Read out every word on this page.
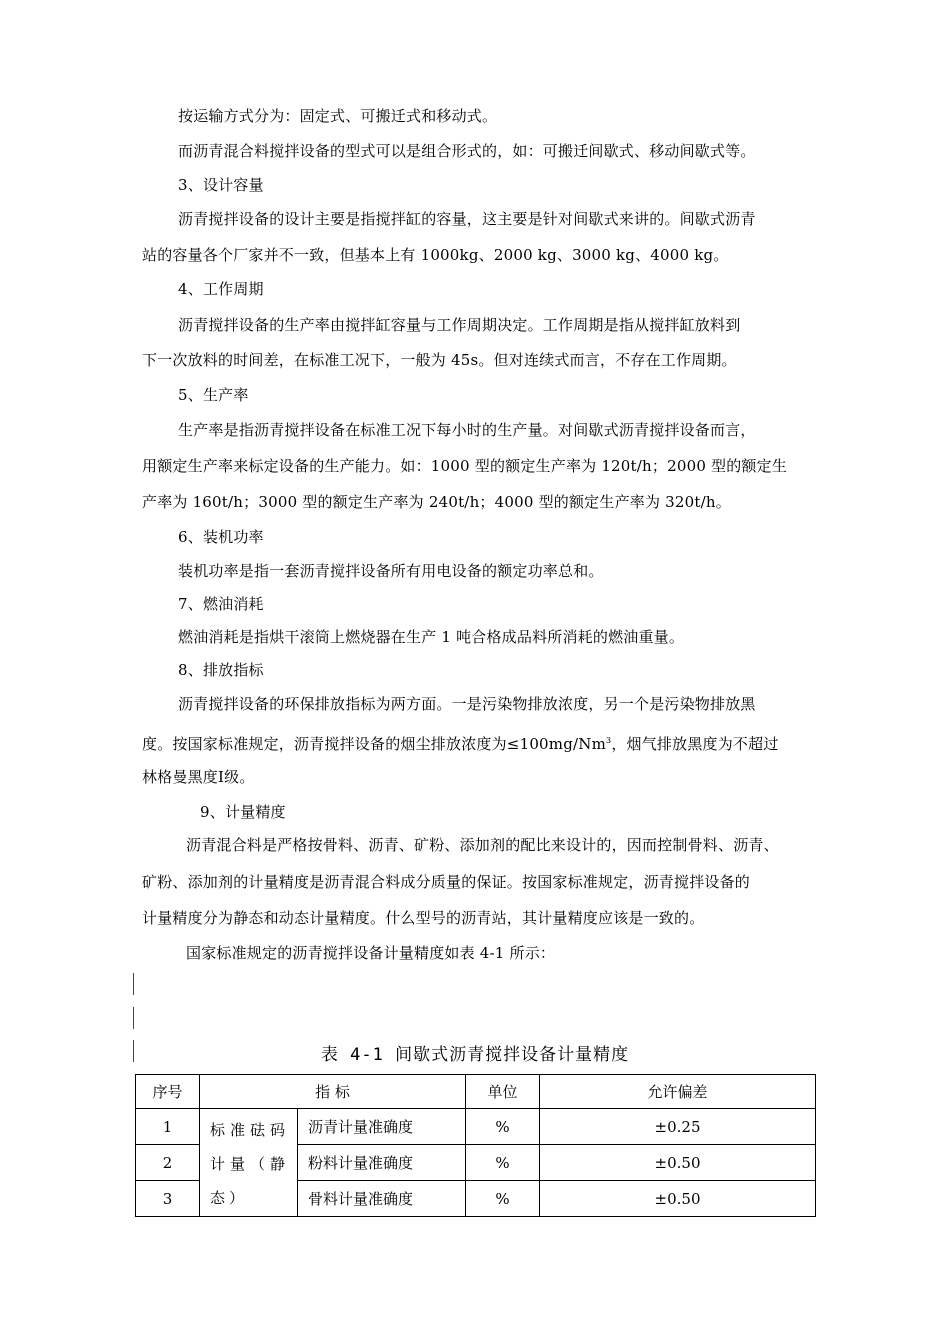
按运输方式分为：固定式、可搬迁式和移动式。
而沥青混合料搅拌设备的型式可以是组合形式的，如：可搬迁间歇式、移动间歇式等。
3、设计容量
沥青搅拌设备的设计主要是指搅拌缸的容量，这主要是针对间歇式来讲的。间歇式沥青
站的容量各个厂家并不一致，但基本上有 1000kg、2000 kg、3000 kg、4000 kg。
4、工作周期
沥青搅拌设备的生产率由搅拌缸容量与工作周期决定。工作周期是指从搅拌缸放料到
下一次放料的时间差，在标准工况下，一般为 45s。但对连续式而言，不存在工作周期。
5、生产率
生产率是指沥青搅拌设备在标准工况下每小时的生产量。对间歇式沥青搅拌设备而言，
用额定生产率来标定设备的生产能力。如：1000 型的额定生产率为 120t/h；2000 型的额定生
产率为 160t/h；3000 型的额定生产率为 240t/h；4000 型的额定生产率为 320t/h。
6、装机功率
装机功率是指一套沥青搅拌设备所有用电设备的额定功率总和。
7、燃油消耗
燃油消耗是指烘干滚筒上燃烧器在生产 1 吨合格成品料所消耗的燃油重量。
8、排放指标
沥青搅拌设备的环保排放指标为两方面。一是污染物排放浓度，另一个是污染物排放黑
度。按国家标准规定，沥青搅拌设备的烟尘排放浓度为$\le 100mg/Nm^3$，烟气排放黑度为不超过
林格曼黑度Ⅰ级。
9、计量精度
沥青混合料是严格按骨料、沥青、矿粉、添加剂的配比来设计的，因而控制骨料、沥青、
矿粉、添加剂的计量精度是沥青混合料成分质量的保证。按国家标准规定，沥青搅拌设备的
计量精度分为静态和动态计量精度。什么型号的沥青站，其计量精度应该是一致的。
国家标准规定的沥青搅拌设备计量精度如表 4-1 所示：
表 4-1 间歇式沥青搅拌设备计量精度
序号	指 标		单位	允许偏差
1	标准砝码计量（静态）	沥青计量准确度	%	±0.25
2		粉料计量准确度	%	±0.50
3		骨料计量准确度	%	±0.50
